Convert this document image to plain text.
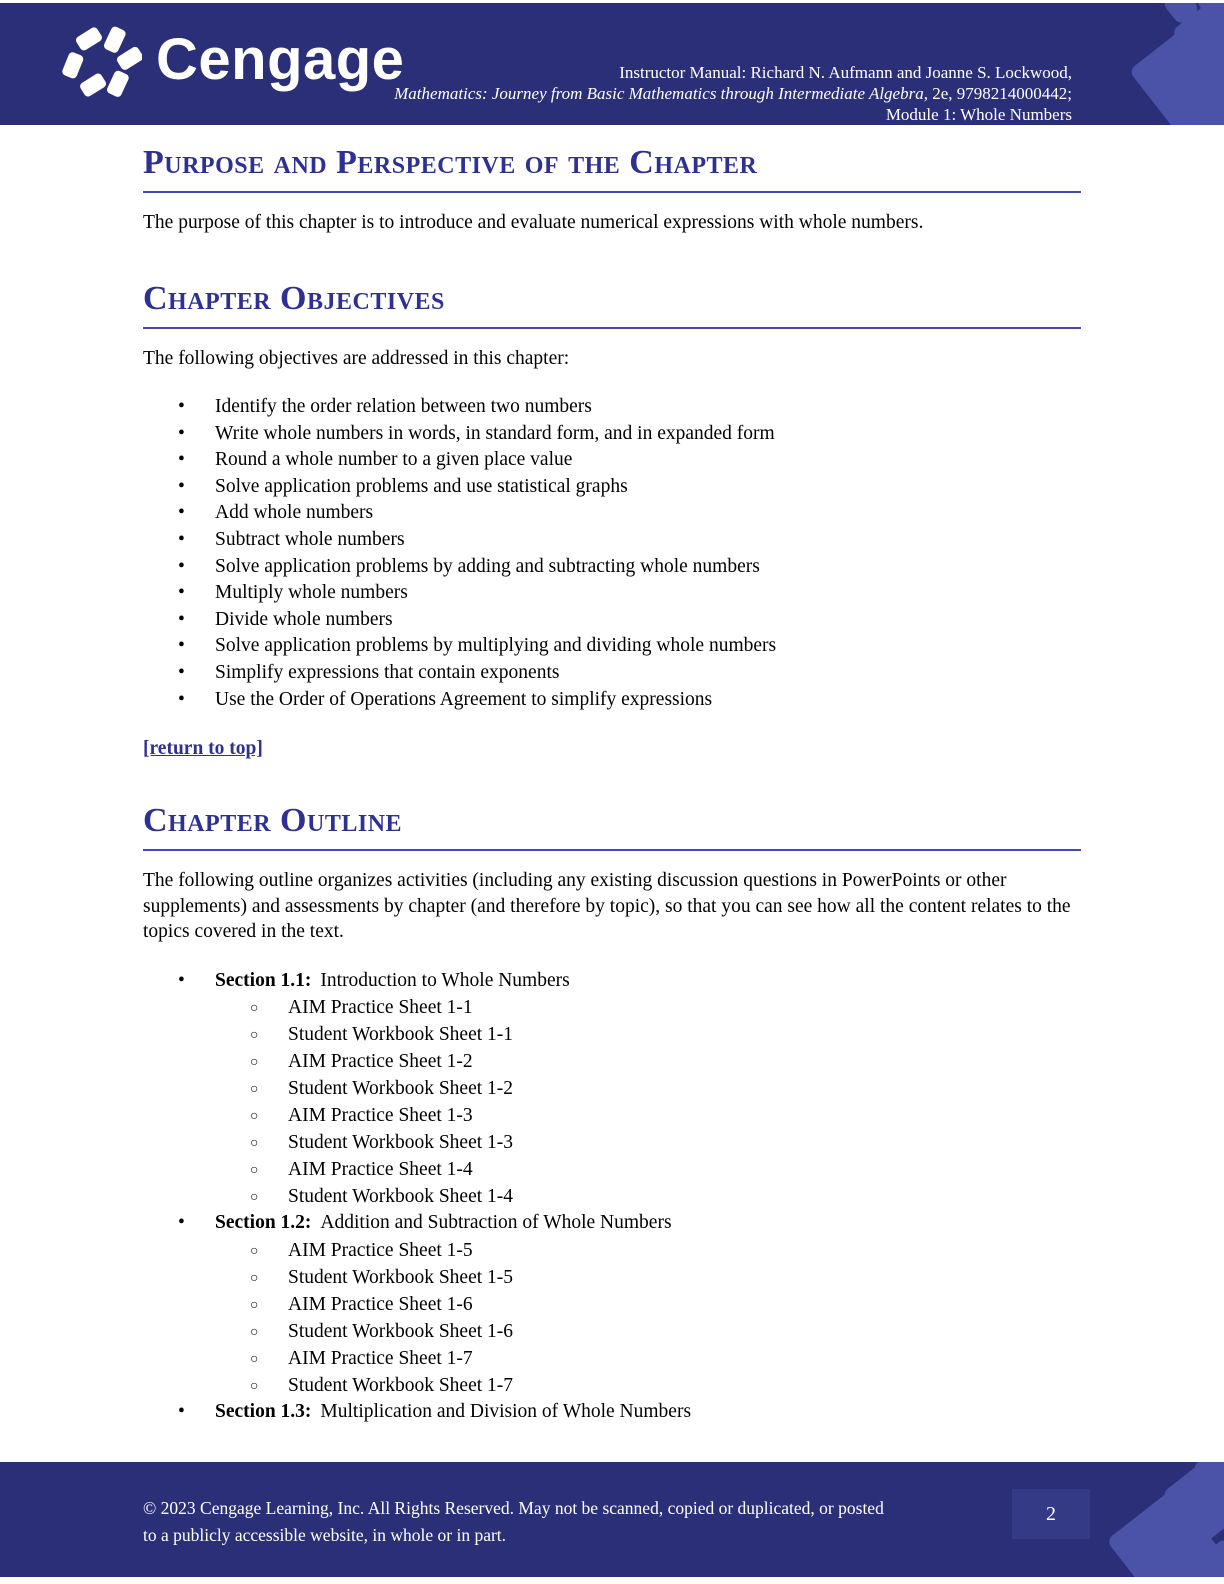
Cengage	Instructor Manual: Richard N. Aufmann and Joanne S. Lockwood,
Mathematics: Journey from Basic Mathematics through Intermediate Algebra, 2e, 9798214000442;
Module 1: Whole Numbers
Purpose and Perspective of the Chapter

The purpose of this chapter is to introduce and evaluate numerical expressions with whole numbers.

Chapter Objectives

The following objectives are addressed in this chapter:

• Identify the order relation between two numbers
• Write whole numbers in words, in standard form, and in expanded form
• Round a whole number to a given place value
• Solve application problems and use statistical graphs
• Add whole numbers
• Subtract whole numbers
• Solve application problems by adding and subtracting whole numbers
• Multiply whole numbers
• Divide whole numbers
• Solve application problems by multiplying and dividing whole numbers
• Simplify expressions that contain exponents
• Use the Order of Operations Agreement to simplify expressions
[return to top]
Chapter Outline

The following outline organizes activities (including any existing discussion questions in PowerPoints or other supplements) and assessments by chapter (and therefore by topic), so that you can see how all the content relates to the topics covered in the text.

• Section 1.1: Introduction to Whole Numbers
○ AIM Practice Sheet 1-1
○ Student Workbook Sheet 1-1
○ AIM Practice Sheet 1-2
○ Student Workbook Sheet 1-2
○ AIM Practice Sheet 1-3
○ Student Workbook Sheet 1-3
○ AIM Practice Sheet 1-4
○ Student Workbook Sheet 1-4
• Section 1.2: Addition and Subtraction of Whole Numbers
○ AIM Practice Sheet 1-5
○ Student Workbook Sheet 1-5
○ AIM Practice Sheet 1-6
○ Student Workbook Sheet 1-6
○ AIM Practice Sheet 1-7
○ Student Workbook Sheet 1-7
• Section 1.3: Multiplication and Division of Whole Numbers

© 2023 Cengage Learning, Inc. All Rights Reserved. May not be scanned, copied or duplicated, or posted to a publicly accessible website, in whole or in part.

2
